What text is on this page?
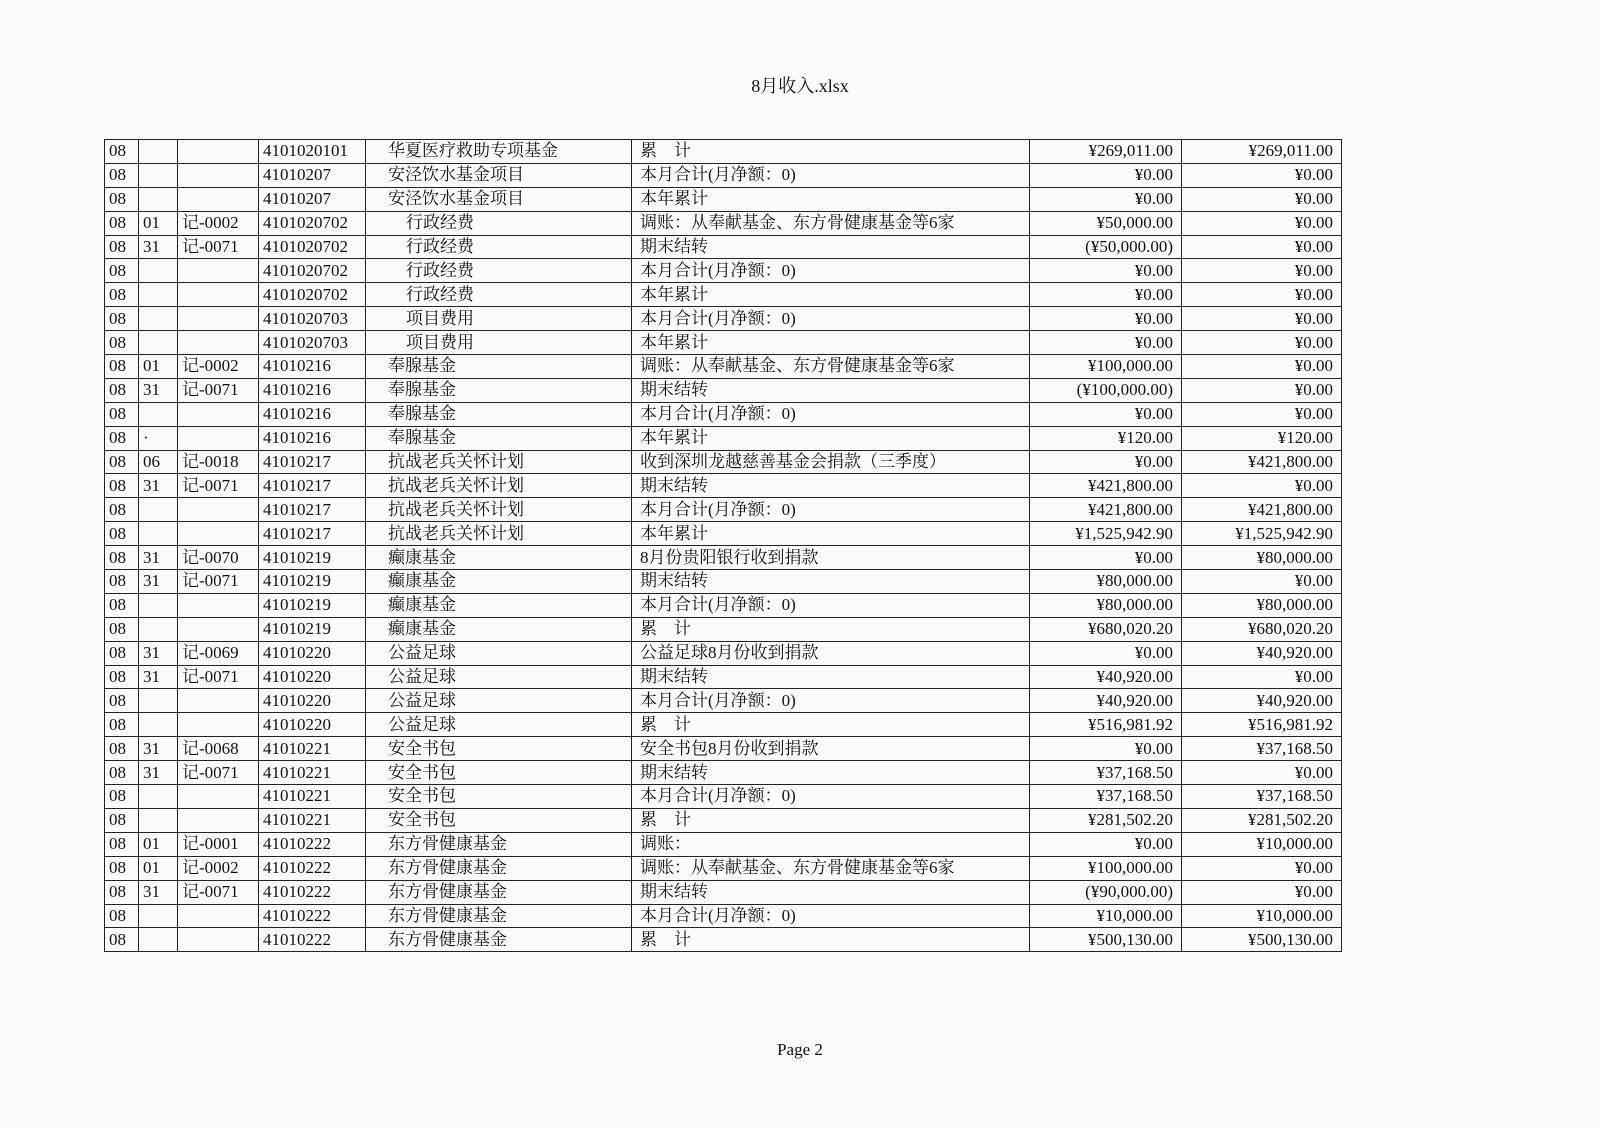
8月收入.xlsx
08			4101020101	华夏医疗救助专项基金	累　计	¥269,011.00	¥269,011.00
08			41010207	安泾饮水基金项目	本月合计(月净额：0)	¥0.00	¥0.00
08			41010207	安泾饮水基金项目	本年累计	¥0.00	¥0.00
08	01	记-0002	4101020702	行政经费	调账：从奉献基金、东方骨健康基金等6家	¥50,000.00	¥0.00
08	31	记-0071	4101020702	行政经费	期末结转	(¥50,000.00)	¥0.00
08			4101020702	行政经费	本月合计(月净额：0)	¥0.00	¥0.00
08			4101020702	行政经费	本年累计	¥0.00	¥0.00
08			4101020703	项目费用	本月合计(月净额：0)	¥0.00	¥0.00
08			4101020703	项目费用	本年累计	¥0.00	¥0.00
08	01	记-0002	41010216	奉腺基金	调账：从奉献基金、东方骨健康基金等6家	¥100,000.00	¥0.00
08	31	记-0071	41010216	奉腺基金	期末结转	(¥100,000.00)	¥0.00
08			41010216	奉腺基金	本月合计(月净额：0)	¥0.00	¥0.00
08	·		41010216	奉腺基金	本年累计	¥120.00	¥120.00
08	06	记-0018	41010217	抗战老兵关怀计划	收到深圳龙越慈善基金会捐款（三季度）	¥0.00	¥421,800.00
08	31	记-0071	41010217	抗战老兵关怀计划	期末结转	¥421,800.00	¥0.00
08			41010217	抗战老兵关怀计划	本月合计(月净额：0)	¥421,800.00	¥421,800.00
08			41010217	抗战老兵关怀计划	本年累计	¥1,525,942.90	¥1,525,942.90
08	31	记-0070	41010219	癫康基金	8月份贵阳银行收到捐款	¥0.00	¥80,000.00
08	31	记-0071	41010219	癫康基金	期末结转	¥80,000.00	¥0.00
08			41010219	癫康基金	本月合计(月净额：0)	¥80,000.00	¥80,000.00
08			41010219	癫康基金	累　计	¥680,020.20	¥680,020.20
08	31	记-0069	41010220	公益足球	公益足球8月份收到捐款	¥0.00	¥40,920.00
08	31	记-0071	41010220	公益足球	期末结转	¥40,920.00	¥0.00
08			41010220	公益足球	本月合计(月净额：0)	¥40,920.00	¥40,920.00
08			41010220	公益足球	累　计	¥516,981.92	¥516,981.92
08	31	记-0068	41010221	安全书包	安全书包8月份收到捐款	¥0.00	¥37,168.50
08	31	记-0071	41010221	安全书包	期末结转	¥37,168.50	¥0.00
08			41010221	安全书包	本月合计(月净额：0)	¥37,168.50	¥37,168.50
08			41010221	安全书包	累　计	¥281,502.20	¥281,502.20
08	01	记-0001	41010222	东方骨健康基金	调账：	¥0.00	¥10,000.00
08	01	记-0002	41010222	东方骨健康基金	调账：从奉献基金、东方骨健康基金等6家	¥100,000.00	¥0.00
08	31	记-0071	41010222	东方骨健康基金	期末结转	(¥90,000.00)	¥0.00
08			41010222	东方骨健康基金	本月合计(月净额：0)	¥10,000.00	¥10,000.00
08			41010222	东方骨健康基金	累　计	¥500,130.00	¥500,130.00
Page 2
